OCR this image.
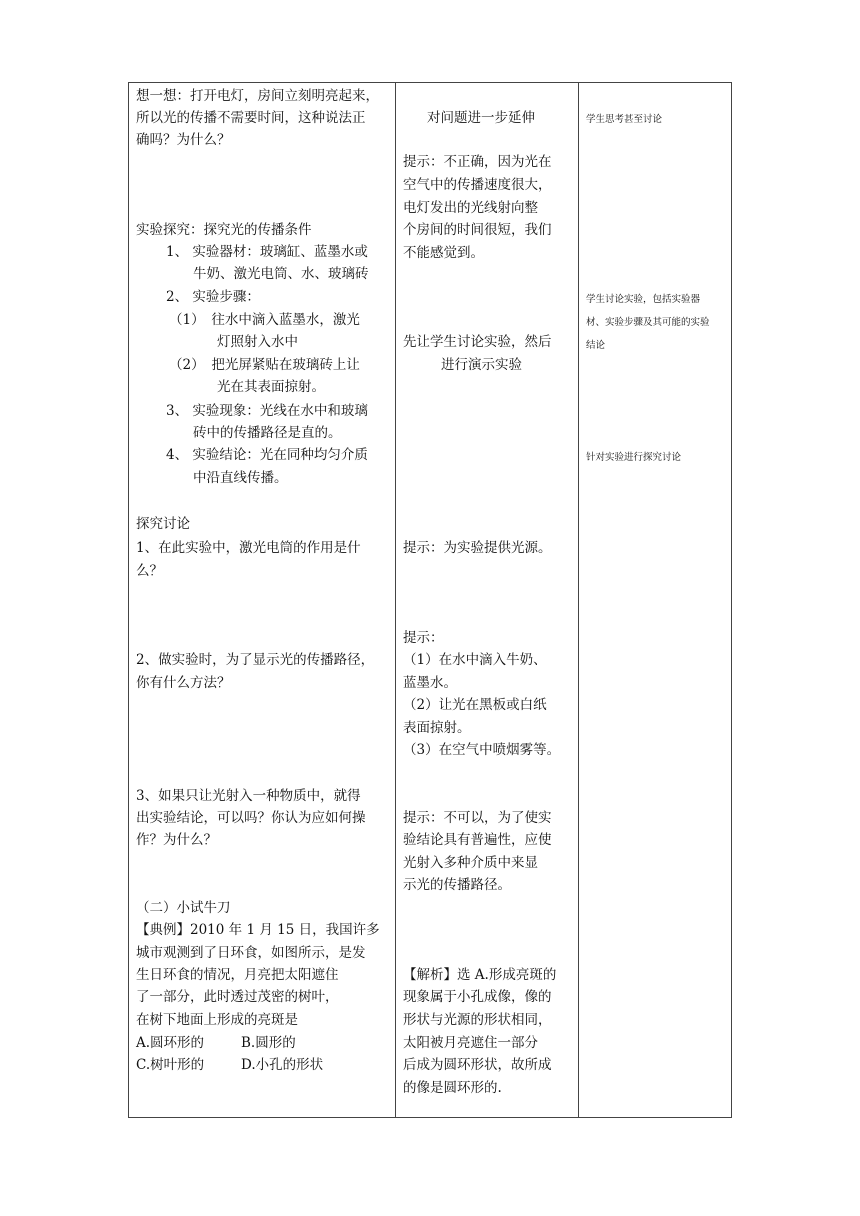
想一想：打开电灯，房间立刻明亮起来，
所以光的传播不需要时间，这种说法正
确吗？为什么？
实验探究：探究光的传播条件
1、 实验器材：玻璃缸、蓝墨水或
牛奶、激光电筒、水、玻璃砖
2、 实验步骤：
（1）　往水中滴入蓝墨水，激光
灯照射入水中
（2）　把光屏紧贴在玻璃砖上让
光在其表面掠射。
3、 实验现象：光线在水中和玻璃
砖中的传播路径是直的。
4、 实验结论：光在同种均匀介质
中沿直线传播。
探究讨论
1、在此实验中，激光电筒的作用是什
么？
2、做实验时，为了显示光的传播路径，
你有什么方法？
3、如果只让光射入一种物质中，就得
出实验结论，可以吗？你认为应如何操
作？为什么？
（二）小试牛刀
【典例】2010 年 1 月 15 日，我国许多
城市观测到了日环食，如图所示，是发
生日环食的情况，月亮把太阳遮住
了一部分，此时透过茂密的树叶，
在树下地面上形成的亮斑是
A.圆环形的	B.圆形的
C.树叶形的	D.小孔的形状
对问题进一步延伸
提示：不正确，因为光在
空气中的传播速度很大，
电灯发出的光线射向整
个房间的时间很短，我们
不能感觉到。
先让学生讨论实验，然后
进行演示实验
提示：为实验提供光源。
提示：
（1）在水中滴入牛奶、
蓝墨水。
（2）让光在黑板或白纸
表面掠射。
（3）在空气中喷烟雾等。
提示：不可以，为了使实
验结论具有普遍性，应使
光射入多种介质中来显
示光的传播路径。
【解析】选 A.形成亮斑的
现象属于小孔成像，像的
形状与光源的形状相同，
太阳被月亮遮住一部分
后成为圆环形状，故所成
的像是圆环形的.
学生思考甚至讨论
学生讨论实验，包括实验器
材、实验步骤及其可能的实验
结论
针对实验进行探究讨论
